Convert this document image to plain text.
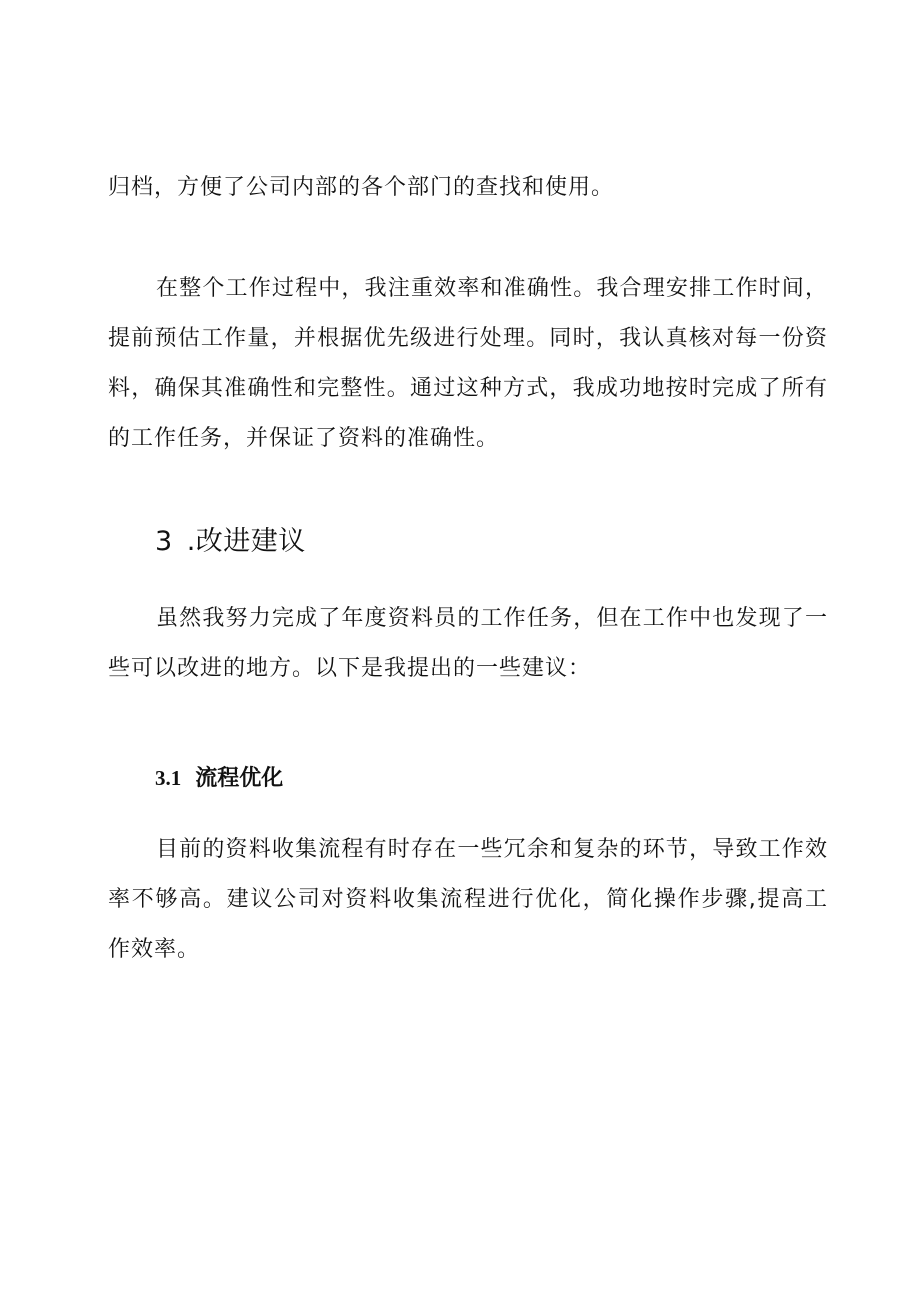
归档，方便了公司内部的各个部门的查找和使用。

在整个工作过程中，我注重效率和准确性。我合理安排工作时间，提前预估工作量，并根据优先级进行处理。同时，我认真核对每一份资料，确保其准确性和完整性。通过这种方式，我成功地按时完成了所有的工作任务，并保证了资料的准确性。

3 .改进建议

虽然我努力完成了年度资料员的工作任务，但在工作中也发现了一些可以改进的地方。以下是我提出的一些建议：

3.1 流程优化

目前的资料收集流程有时存在一些冗余和复杂的环节，导致工作效率不够高。建议公司对资料收集流程进行优化，简化操作步骤,提高工作效率。
